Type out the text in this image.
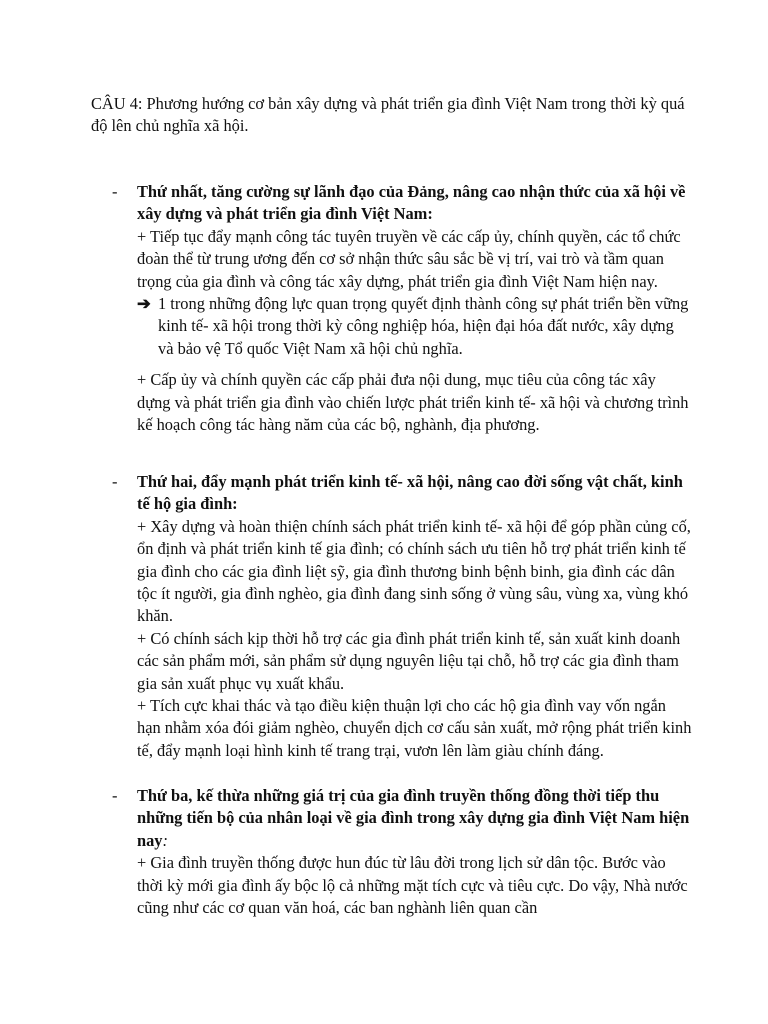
CÂU 4: Phương hướng cơ bản xây dựng và phát triển gia đình Việt Nam trong thời kỳ quá độ lên chủ nghĩa xã hội.

-	Thứ nhất, tăng cường sự lãnh đạo của Đảng, nâng cao nhận thức của xã hội về xây dựng và phát triển gia đình Việt Nam:

+ Tiếp tục đẩy mạnh công tác tuyên truyền về các cấp ủy, chính quyền, các tổ chức đoàn thể từ trung ương đến cơ sở nhận thức sâu sắc bề vị trí, vai trò và tầm quan trọng của gia đình và công tác xây dựng, phát triển gia đình Việt Nam hiện nay.

➔ 1 trong những động lực quan trọng quyết định thành công sự phát triển bền vững kinh tế- xã hội trong thời kỳ công nghiệp hóa, hiện đại hóa đất nước, xây dựng và bảo vệ Tổ quốc Việt Nam xã hội chủ nghĩa.

+ Cấp ủy và chính quyền các cấp phải đưa nội dung, mục tiêu của công tác xây dựng và phát triển gia đình vào chiến lược phát triển kinh tế- xã hội và chương trình kế hoạch công tác hàng năm của các bộ, nghành, địa phương.

-	Thứ hai, đẩy mạnh phát triển kinh tế- xã hội, nâng cao đời sống vật chất, kinh tế hộ gia đình:

+ Xây dựng và hoàn thiện chính sách phát triển kinh tế- xã hội để góp phần củng cố, ổn định và phát triển kinh tế gia đình; có chính sách ưu tiên hỗ trợ phát triển kinh tế gia đình cho các gia đình liệt sỹ, gia đình thương binh bệnh binh, gia đình các dân tộc ít người, gia đình nghèo, gia đình đang sinh sống ở vùng sâu, vùng xa, vùng khó khăn.

+ Có chính sách kịp thời hỗ trợ các gia đình phát triển kinh tế, sản xuất kinh doanh các sản phẩm mới, sản phẩm sử dụng nguyên liệu tại chỗ, hỗ trợ các gia đình tham gia sản xuất phục vụ xuất khẩu.

+ Tích cực khai thác và tạo điều kiện thuận lợi cho các hộ gia đình vay vốn ngắn hạn nhằm xóa đói giảm nghèo, chuyển dịch cơ cấu sản xuất, mở rộng phát triển kinh tế, đẩy mạnh loại hình kinh tế trang trại, vươn lên làm giàu chính đáng.

-	Thứ ba, kế thừa những giá trị của gia đình truyền thống đồng thời tiếp thu những tiến bộ của nhân loại về gia đình trong xây dựng gia đình Việt Nam hiện nay:

+ Gia đình truyền thống được hun đúc từ lâu đời trong lịch sử dân tộc. Bước vào thời kỳ mới gia đình ấy bộc lộ cả những mặt tích cực và tiêu cực. Do vậy, Nhà nước cũng như các cơ quan văn hoá, các ban nghành liên quan cần
